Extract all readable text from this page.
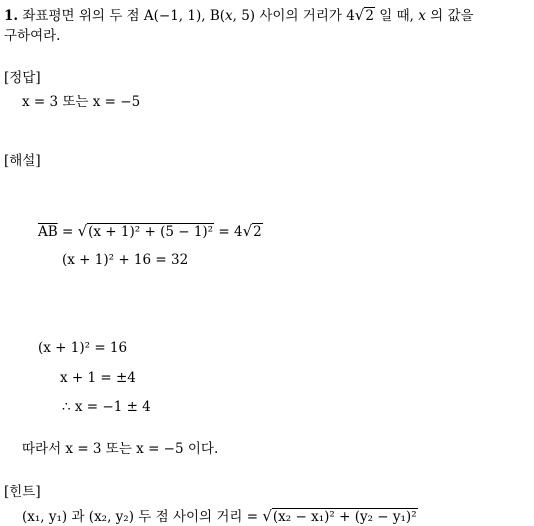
1. 좌표평면 위의 두 점 A(−1, 1), B(x, 5) 사이의 거리가 4√2 일 때, x 의 값을
구하여라.
[정답]
x = 3 또는 x = −5
[해설]
$\overline{AB} = √(x + 1)^2 + (5 - 1)^2 = 4√2$
(x + 1)² + 16 = 32
(x + 1)² = 16
x + 1 = ±4
∴ x = −1 ± 4
따라서 x = 3 또는 x = −5 이다.
[힌트]
(x₁, y₁) 과 (x₂, y₂) 두 점 사이의 거리 = √(x₂ − x₁)² + (y₂ − y₁)²
